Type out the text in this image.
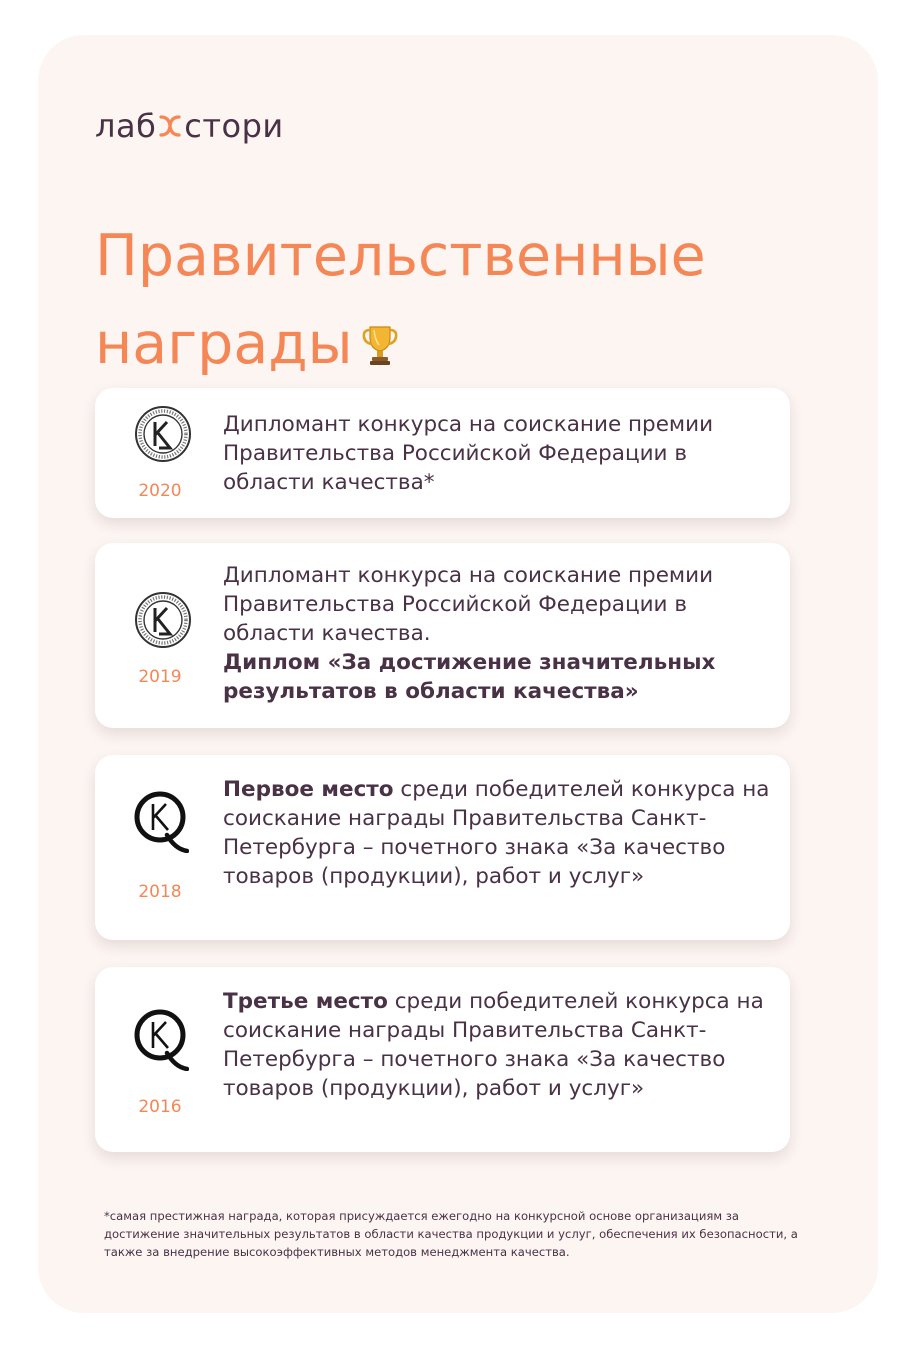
лаб стори
Правительственные
награды
2020
Дипломант конкурса на соискание премии Правительства Российской Федерации в области качества*
2019
Дипломант конкурса на соискание премии Правительства Российской Федерации в области качества.
Диплом «За достижение значительных результатов в области качества»
2018
Первое место среди победителей конкурса на соискание награды Правительства Санкт-Петербурга – почетного знака «За качество товаров (продукции), работ и услуг»
2016
Третье место среди победителей конкурса на соискание награды Правительства Санкт-Петербурга – почетного знака «За качество товаров (продукции), работ и услуг»
*самая престижная награда, которая присуждается ежегодно на конкурсной основе организациям за достижение значительных результатов в области качества продукции и услуг, обеспечения их безопасности, а также за внедрение высокоэффективных методов менеджмента качества.
